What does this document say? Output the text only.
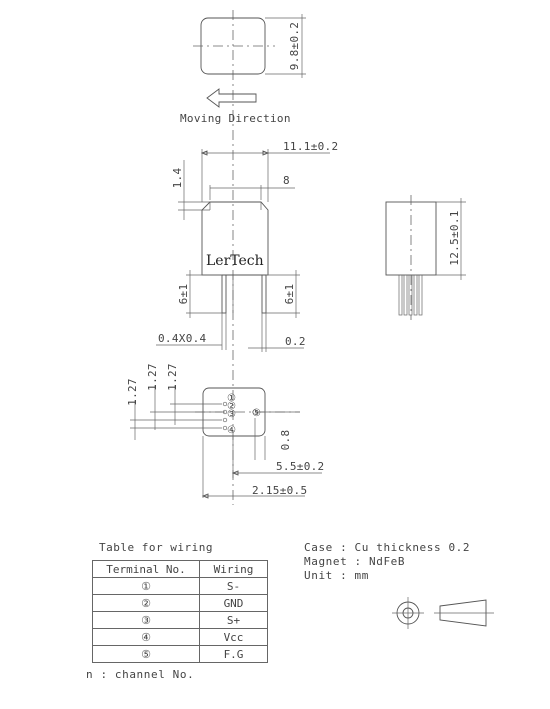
9.8±0.2
Moving Direction
11.1±0.2
8
1.4
LerTech
6±1	6±1
0.4X0.4	0.2
12.5±0.1
1.27
1.27 1.27
①
②
③
④
⑤
0.8
5.5±0.2
2.15±0.5
Table for wiring
Terminal No.	Wiring
①	S-
②	GND
③	S+
④	Vcc
⑤	F.G
n : channel No.
Case : Cu thickness 0.2
Magnet : NdFeB
Unit : mm
